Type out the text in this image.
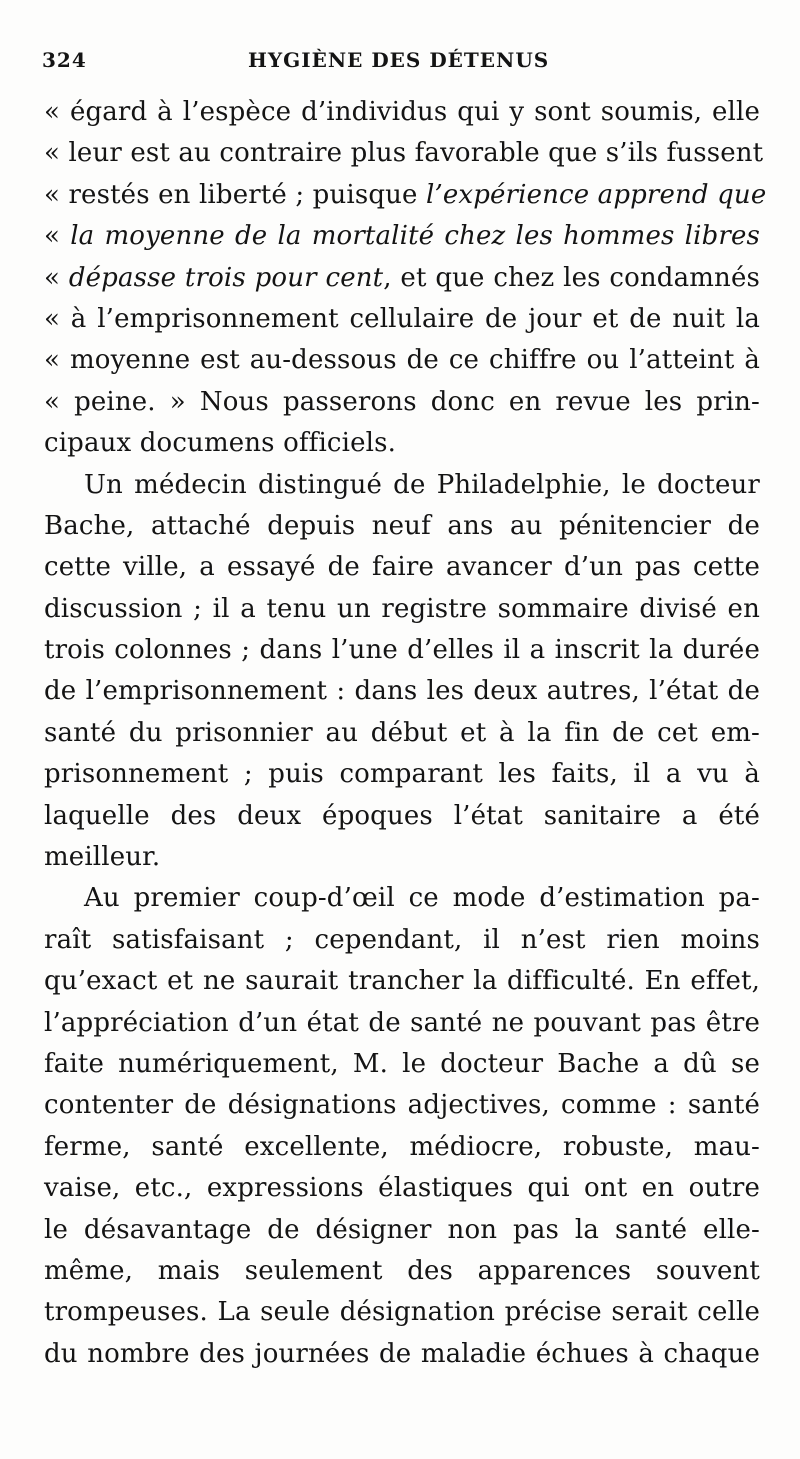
324	HYGIÈNE DES DÉTENUS
« égard à l’espèce d’individus qui y sont soumis, elle
« leur est au contraire plus favorable que s’ils fussent
« restés en liberté ; puisque l’expérience apprend que
« la moyenne de la mortalité chez les hommes libres
« dépasse trois pour cent, et que chez les condamnés
« à l’emprisonnement cellulaire de jour et de nuit la
« moyenne est au-dessous de ce chiffre ou l’atteint à
« peine. » Nous passerons donc en revue les prin-
cipaux documens officiels.
Un médecin distingué de Philadelphie, le docteur
Bache, attaché depuis neuf ans au pénitencier de
cette ville, a essayé de faire avancer d’un pas cette
discussion ; il a tenu un registre sommaire divisé en
trois colonnes ; dans l’une d’elles il a inscrit la durée
de l’emprisonnement : dans les deux autres, l’état de
santé du prisonnier au début et à la fin de cet em-
prisonnement ; puis comparant les faits, il a vu à
laquelle des deux époques l’état sanitaire a été
meilleur.
Au premier coup-d’œil ce mode d’estimation pa-
raît satisfaisant ; cependant, il n’est rien moins
qu’exact et ne saurait trancher la difficulté. En effet,
l’appréciation d’un état de santé ne pouvant pas être
faite numériquement, M. le docteur Bache a dû se
contenter de désignations adjectives, comme : santé
ferme, santé excellente, médiocre, robuste, mau-
vaise, etc., expressions élastiques qui ont en outre
le désavantage de désigner non pas la santé elle-
même, mais seulement des apparences souvent
trompeuses. La seule désignation précise serait celle
du nombre des journées de maladie échues à chaque
